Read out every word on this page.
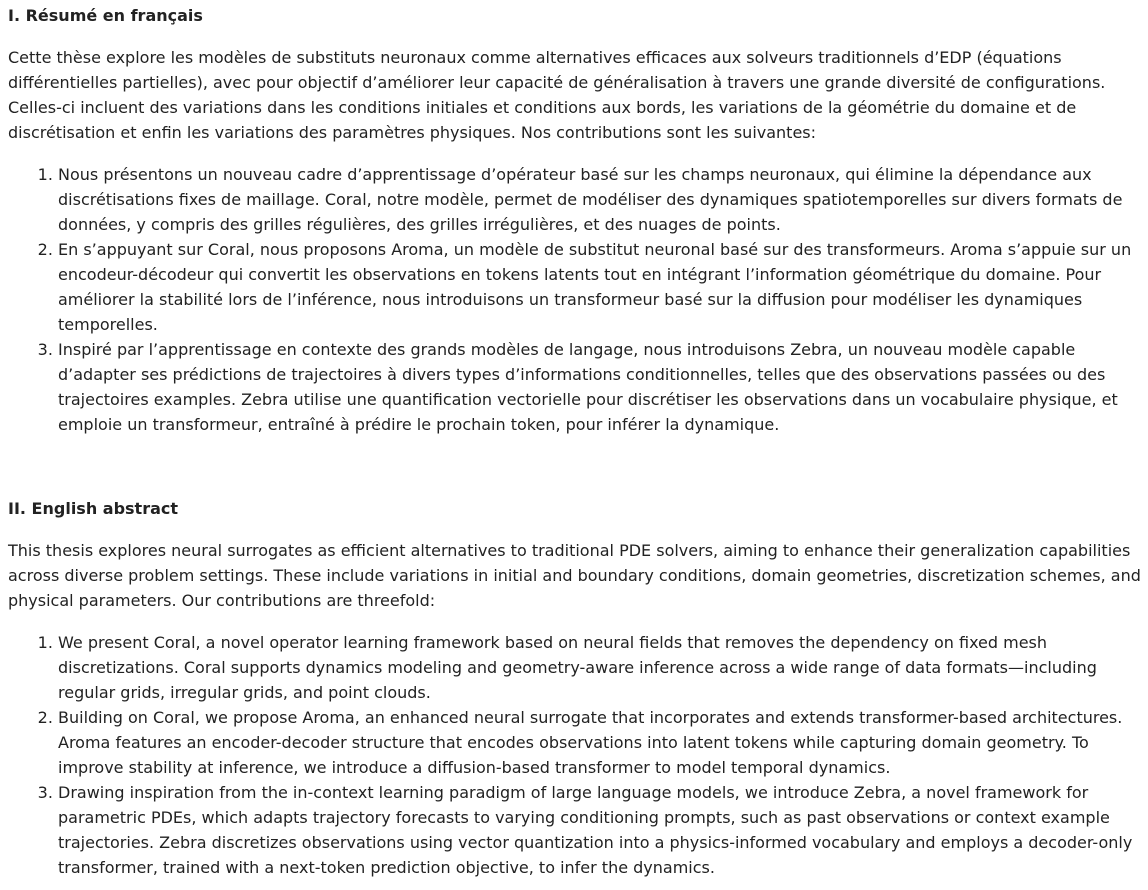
I. Résumé en français

Cette thèse explore les modèles de substituts neuronaux comme alternatives efficaces aux solveurs traditionnels d’EDP (équations différentielles partielles), avec pour objectif d’améliorer leur capacité de généralisation à travers une grande diversité de configurations. Celles-ci incluent des variations dans les conditions initiales et conditions aux bords, les variations de la géométrie du domaine et de discrétisation et enfin les variations des paramètres physiques. Nos contributions sont les suivantes:

1. Nous présentons un nouveau cadre d’apprentissage d’opérateur basé sur les champs neuronaux, qui élimine la dépendance aux discrétisations fixes de maillage. Coral, notre modèle, permet de modéliser des dynamiques spatiotemporelles sur divers formats de données, y compris des grilles régulières, des grilles irrégulières, et des nuages de points.
2. En s’appuyant sur Coral, nous proposons Aroma, un modèle de substitut neuronal basé sur des transformeurs. Aroma s’appuie sur un encodeur-décodeur qui convertit les observations en tokens latents tout en intégrant l’information géométrique du domaine. Pour améliorer la stabilité lors de l’inférence, nous introduisons un transformeur basé sur la diffusion pour modéliser les dynamiques temporelles.
3. Inspiré par l’apprentissage en contexte des grands modèles de langage, nous introduisons Zebra, un nouveau modèle capable d’adapter ses prédictions de trajectoires à divers types d’informations conditionnelles, telles que des observations passées ou des trajectoires examples. Zebra utilise une quantification vectorielle pour discrétiser les observations dans un vocabulaire physique, et emploie un transformeur, entraîné à prédire le prochain token, pour inférer la dynamique.
II. English abstract

This thesis explores neural surrogates as efficient alternatives to traditional PDE solvers, aiming to enhance their generalization capabilities across diverse problem settings. These include variations in initial and boundary conditions, domain geometries, discretization schemes, and physical parameters. Our contributions are threefold:

1. We present Coral, a novel operator learning framework based on neural fields that removes the dependency on fixed mesh discretizations. Coral supports dynamics modeling and geometry-aware inference across a wide range of data formats—including regular grids, irregular grids, and point clouds.
2. Building on Coral, we propose Aroma, an enhanced neural surrogate that incorporates and extends transformer-based architectures. Aroma features an encoder-decoder structure that encodes observations into latent tokens while capturing domain geometry. To improve stability at inference, we introduce a diffusion-based transformer to model temporal dynamics.
3. Drawing inspiration from the in-context learning paradigm of large language models, we introduce Zebra, a novel framework for parametric PDEs, which adapts trajectory forecasts to varying conditioning prompts, such as past observations or context example trajectories. Zebra discretizes observations using vector quantization into a physics-informed vocabulary and employs a decoder-only transformer, trained with a next-token prediction objective, to infer the dynamics.
